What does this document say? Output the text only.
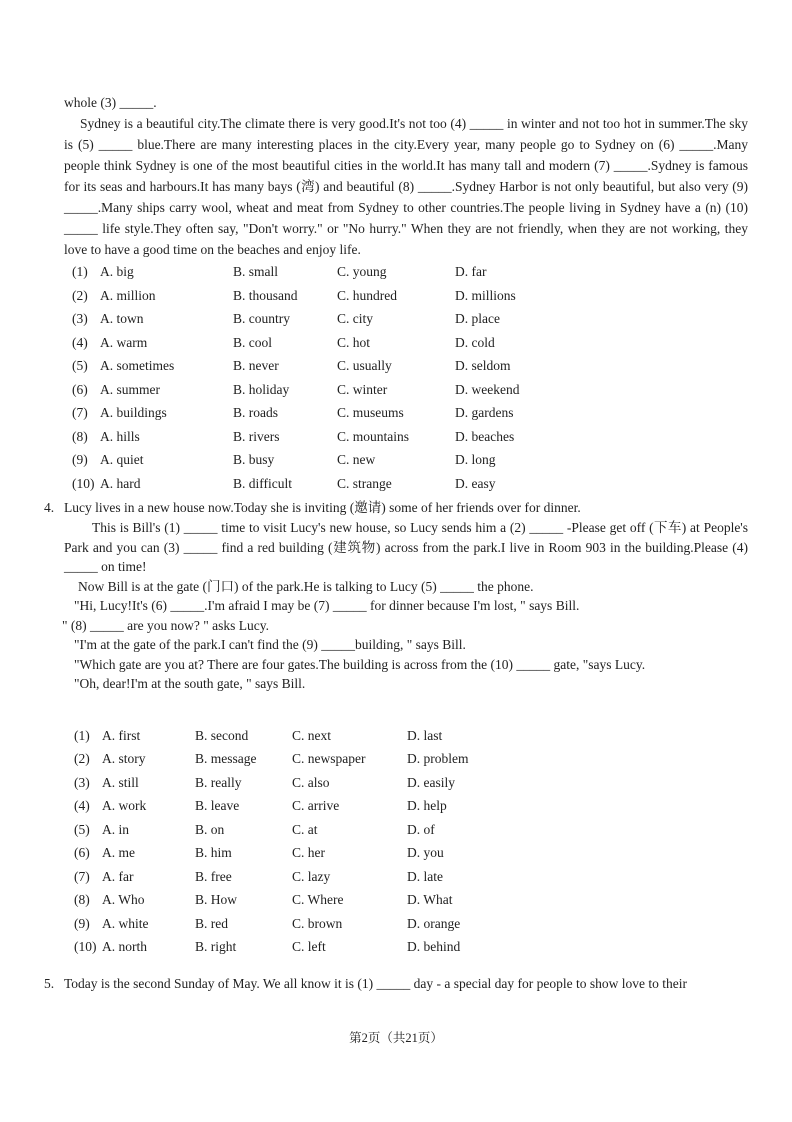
whole (3) _____.
Sydney is a beautiful city.The climate there is very good.It's not too (4) _____ in winter and not too hot in summer.The sky is (5) _____ blue.There are many interesting places in the city.Every year, many people go to Sydney on (6) _____.Many people think Sydney is one of the most beautiful cities in the world.It has many tall and modern (7) _____.Sydney is famous for its seas and harbours.It has many bays (湾) and beautiful (8) _____.Sydney Harbor is not only beautiful, but also very (9) _____.Many ships carry wool, wheat and meat from Sydney to other countries.The people living in Sydney have a (n) (10) _____ life style.They often say, "Don't worry." or "No hurry." When they are not friendly, when they are not working, they love to have a good time on the beaches and enjoy life.
(1) A. big	B. small	C. young	D. far
(2) A. million	B. thousand	C. hundred	D. millions
(3) A. town	B. country	C. city	D. place
(4) A. warm	B. cool	C. hot	D. cold
(5) A. sometimes	B. never	C. usually	D. seldom
(6) A. summer	B. holiday	C. winter	D. weekend
(7) A. buildings	B. roads	C. museums	D. gardens
(8) A. hills	B. rivers	C. mountains	D. beaches
(9) A. quiet	B. busy	C. new	D. long
(10) A. hard	B. difficult	C. strange	D. easy
4. Lucy lives in a new house now.Today she is inviting (邀请) some of her friends over for dinner.
This is Bill's (1) _____ time to visit Lucy's new house, so Lucy sends him a (2) _____ -Please get off (下车) at People's Park and you can (3) _____ find a red building (建筑物) across from the park.I live in Room 903 in the building.Please (4) _____ on time!
Now Bill is at the gate (门口) of the park.He is talking to Lucy (5) _____ the phone.
"Hi, Lucy!It's (6) _____.I'm afraid I may be (7) _____ for dinner because I'm lost, " says Bill.
" (8) _____ are you now? " asks Lucy.
"I'm at the gate of the park.I can't find the (9) _____building, " says Bill.
"Which gate are you at? There are four gates.The building is across from the (10) _____ gate, "says Lucy.
"Oh, dear!I'm at the south gate, " says Bill.
(1) A. first	B. second	C. next	D. last
(2) A. story	B. message	C. newspaper	D. problem
(3) A. still	B. really	C. also	D. easily
(4) A. work	B. leave	C. arrive	D. help
(5) A. in	B. on	C. at	D. of
(6) A. me	B. him	C. her	D. you
(7) A. far	B. free	C. lazy	D. late
(8) A. Who	B. How	C. Where	D. What
(9) A. white	B. red	C. brown	D. orange
(10) A. north	B. right	C. left	D. behind
5. Today is the second Sunday of May. We all know it is (1) _____ day - a special day for people to show love to their
第2页（共21页）
